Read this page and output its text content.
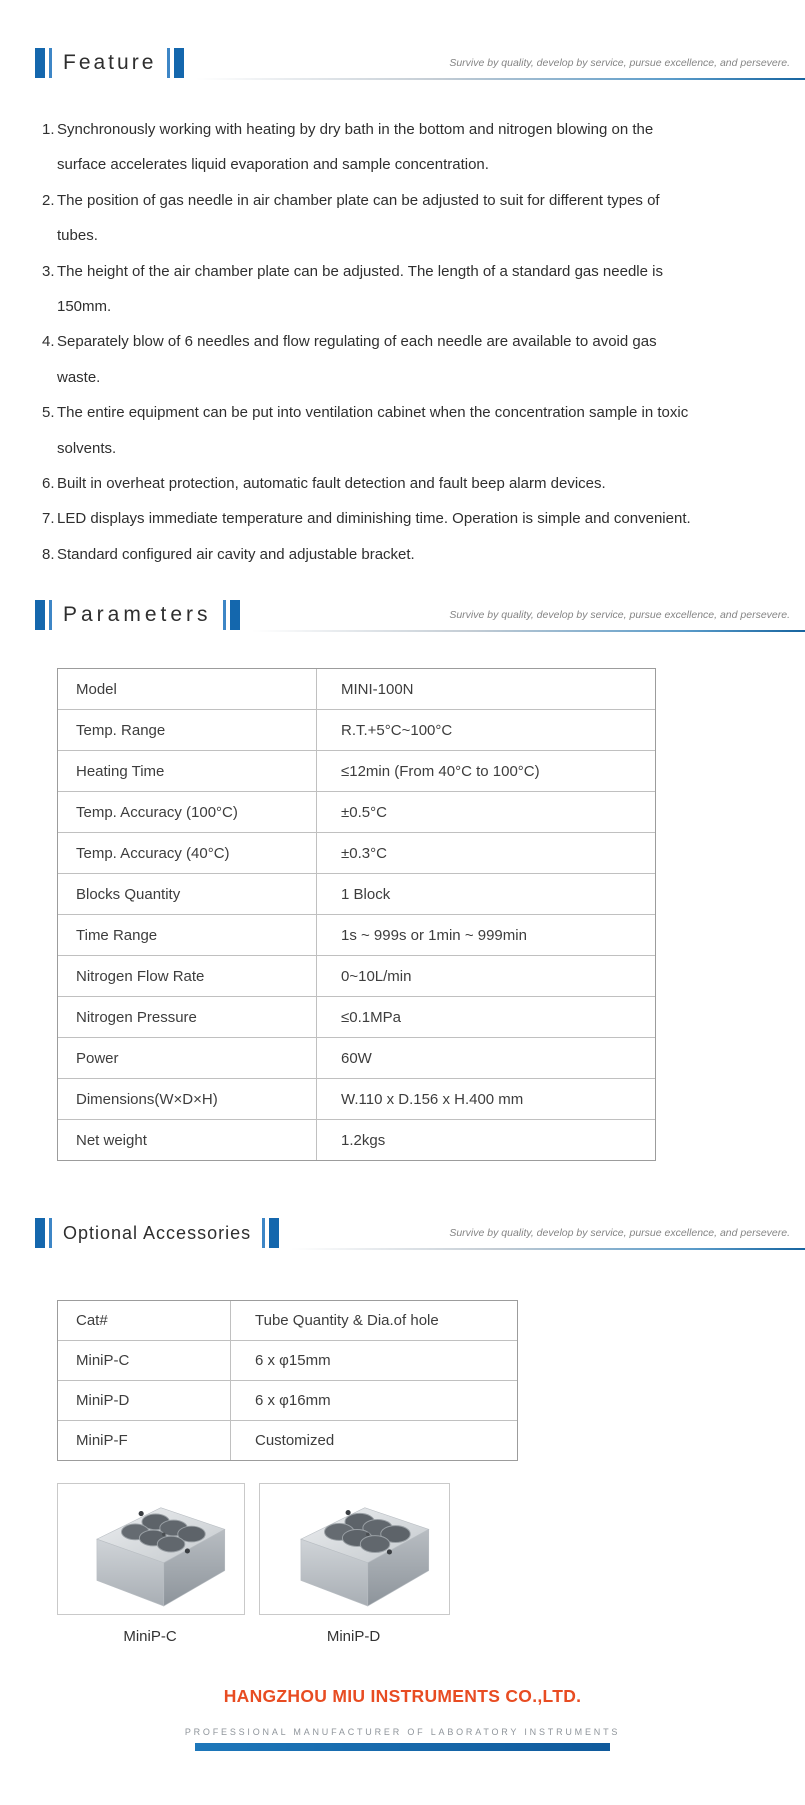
Feature	Survive by quality, develop by service, pursue excellence, and persevere.
1. Synchronously working with heating by dry bath in the bottom and nitrogen blowing on the surface accelerates liquid evaporation and sample concentration.
2. The position of gas needle in air chamber plate can be adjusted to suit for different types of tubes.
3. The height of the air chamber plate can be adjusted. The length of a standard gas needle is 150mm.
4. Separately blow of 6 needles and flow regulating of each needle are available to avoid gas waste.
5. The entire equipment can be put into ventilation cabinet when the concentration sample in toxic solvents.
6. Built in overheat protection, automatic fault detection and fault beep alarm devices.
7. LED displays immediate temperature and diminishing time. Operation is simple and convenient.
8. Standard configured air cavity and adjustable bracket.
Parameters	Survive by quality, develop by service, pursue excellence, and persevere.
Model	MINI-100N
Temp. Range	R.T.+5°C~100°C
Heating Time	≤12min (From 40°C to 100°C)
Temp. Accuracy (100°C)	±0.5°C
Temp. Accuracy (40°C)	±0.3°C
Blocks Quantity	1 Block
Time Range	1s ~ 999s or 1min ~ 999min
Nitrogen Flow Rate	0~10L/min
Nitrogen Pressure	≤0.1MPa
Power	60W
Dimensions(W×D×H)	W.110 x D.156 x H.400 mm
Net weight	1.2kgs
Optional Accessories	Survive by quality, develop by service, pursue excellence, and persevere.
Cat#	Tube Quantity & Dia.of hole
MiniP-C	6 x φ15mm
MiniP-D	6 x φ16mm
MiniP-F	Customized
MiniP-C	MiniP-D
HANGZHOU MIU INSTRUMENTS CO.,LTD.
PROFESSIONAL MANUFACTURER OF LABORATORY INSTRUMENTS
